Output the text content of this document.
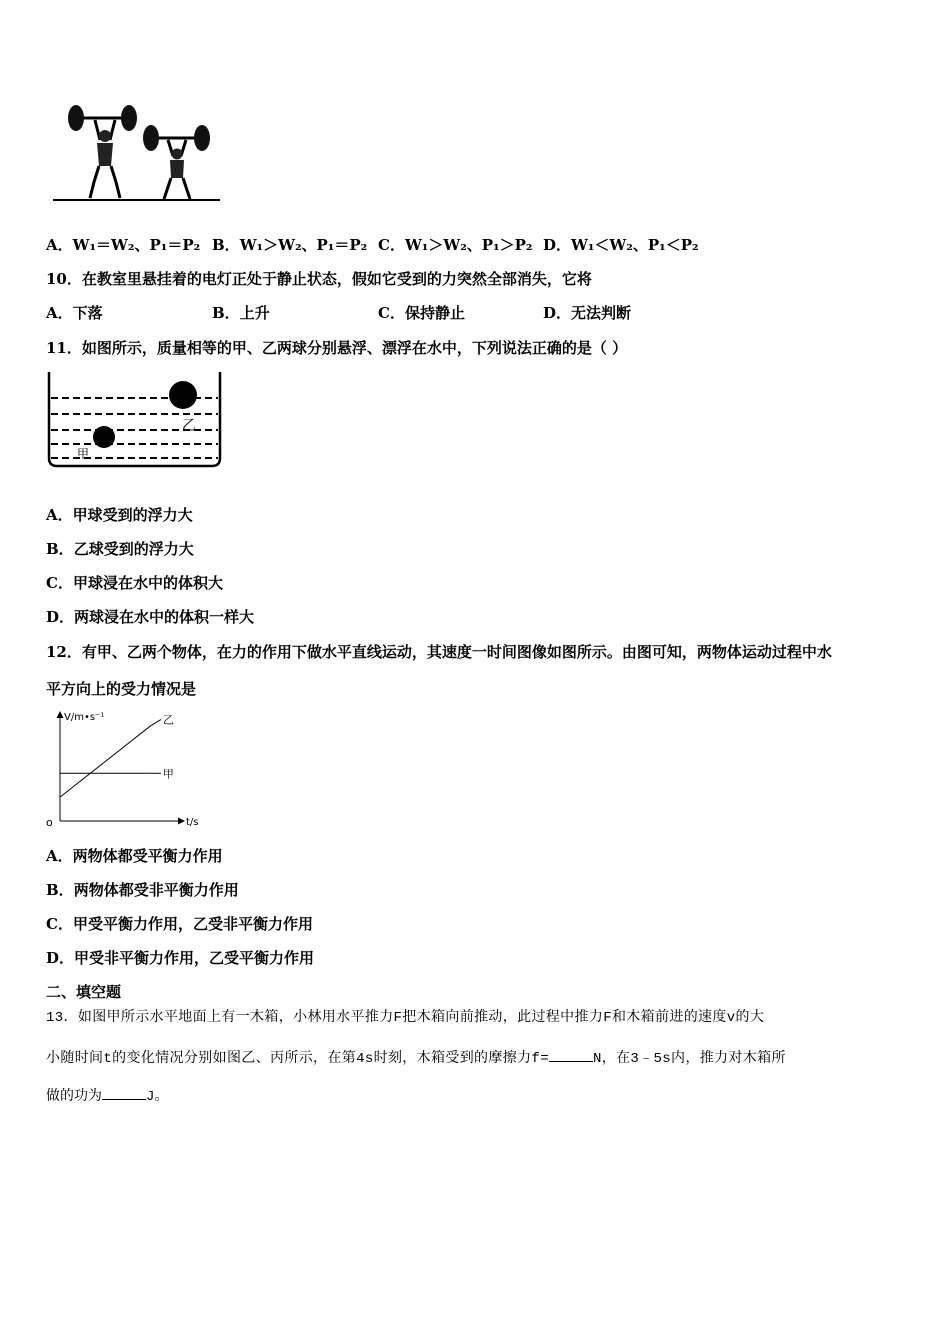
A．W₁＝W₂、P₁＝P₂ B．W₁＞W₂、P₁＝P₂ C．W₁＞W₂、P₁＞P₂ D．W₁＜W₂、P₁＜P₂
10．在教室里悬挂着的电灯正处于静止状态，假如它受到的力突然全部消失，它将
A．下落	B．上升	C．保持静止	D．无法判断
11．如图所示，质量相等的甲、乙两球分别悬浮、漂浮在水中，下列说法正确的是（ ）
乙
甲
A．甲球受到的浮力大
B．乙球受到的浮力大
C．甲球浸在水中的体积大
D．两球浸在水中的体积一样大
12．有甲、乙两个物体，在力的作用下做水平直线运动，其速度一时间图像如图所示。由图可知，两物体运动过程中水
平方向上的受力情况是
V/m•s⁻¹
t/s
o
乙
甲
A．两物体都受平衡力作用
B．两物体都受非平衡力作用
C．甲受平衡力作用，乙受非平衡力作用
D．甲受非平衡力作用，乙受平衡力作用
二、填空题
13．如图甲所示水平地面上有一木箱，小林用水平推力F把木箱向前推动，此过程中推力F和木箱前进的速度v的大
小随时间t的变化情况分别如图乙、丙所示，在第4s时刻，木箱受到的摩擦力f=	N，在3﹣5s内，推力对木箱所
做的功为	J。
